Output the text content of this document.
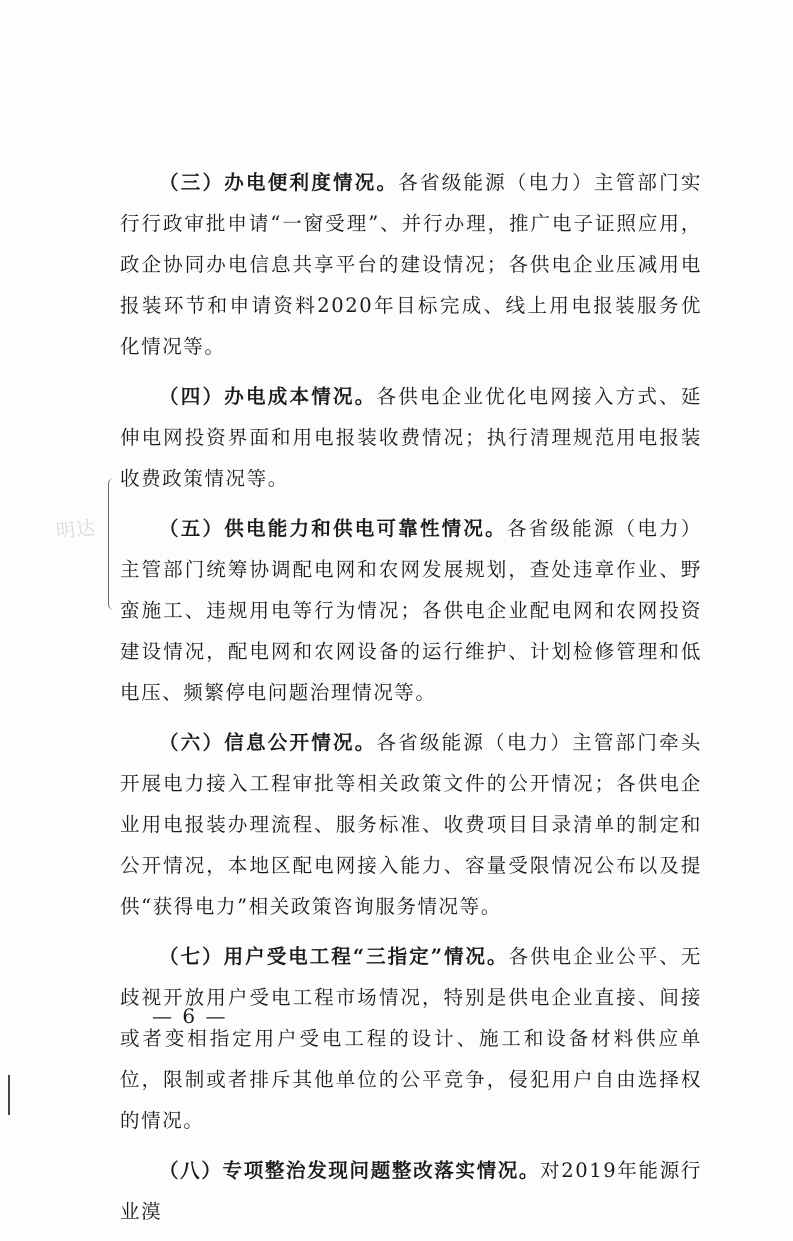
明达

（三）办电便利度情况。各省级能源（电力）主管部门实行行政审批申请“一窗受理”、并行办理，推广电子证照应用，政企协同办电信息共享平台的建设情况；各供电企业压减用电报装环节和申请资料2020年目标完成、线上用电报装服务优化情况等。

（四）办电成本情况。各供电企业优化电网接入方式、延伸电网投资界面和用电报装收费情况；执行清理规范用电报装收费政策情况等。

（五）供电能力和供电可靠性情况。各省级能源（电力）主管部门统筹协调配电网和农网发展规划，查处违章作业、野蛮施工、违规用电等行为情况；各供电企业配电网和农网投资建设情况，配电网和农网设备的运行维护、计划检修管理和低电压、频繁停电问题治理情况等。

（六）信息公开情况。各省级能源（电力）主管部门牵头开展电力接入工程审批等相关政策文件的公开情况；各供电企业用电报装办理流程、服务标准、收费项目目录清单的制定和公开情况，本地区配电网接入能力、容量受限情况公布以及提供“获得电力”相关政策咨询服务情况等。

（七）用户受电工程“三指定”情况。各供电企业公平、无歧视开放用户受电工程市场情况，特别是供电企业直接、间接或者变相指定用户受电工程的设计、施工和设备材料供应单位，限制或者排斥其他单位的公平竞争，侵犯用户自由选择权的情况。

（八）专项整治发现问题整改落实情况。对2019年能源行业漠

— 6 —
